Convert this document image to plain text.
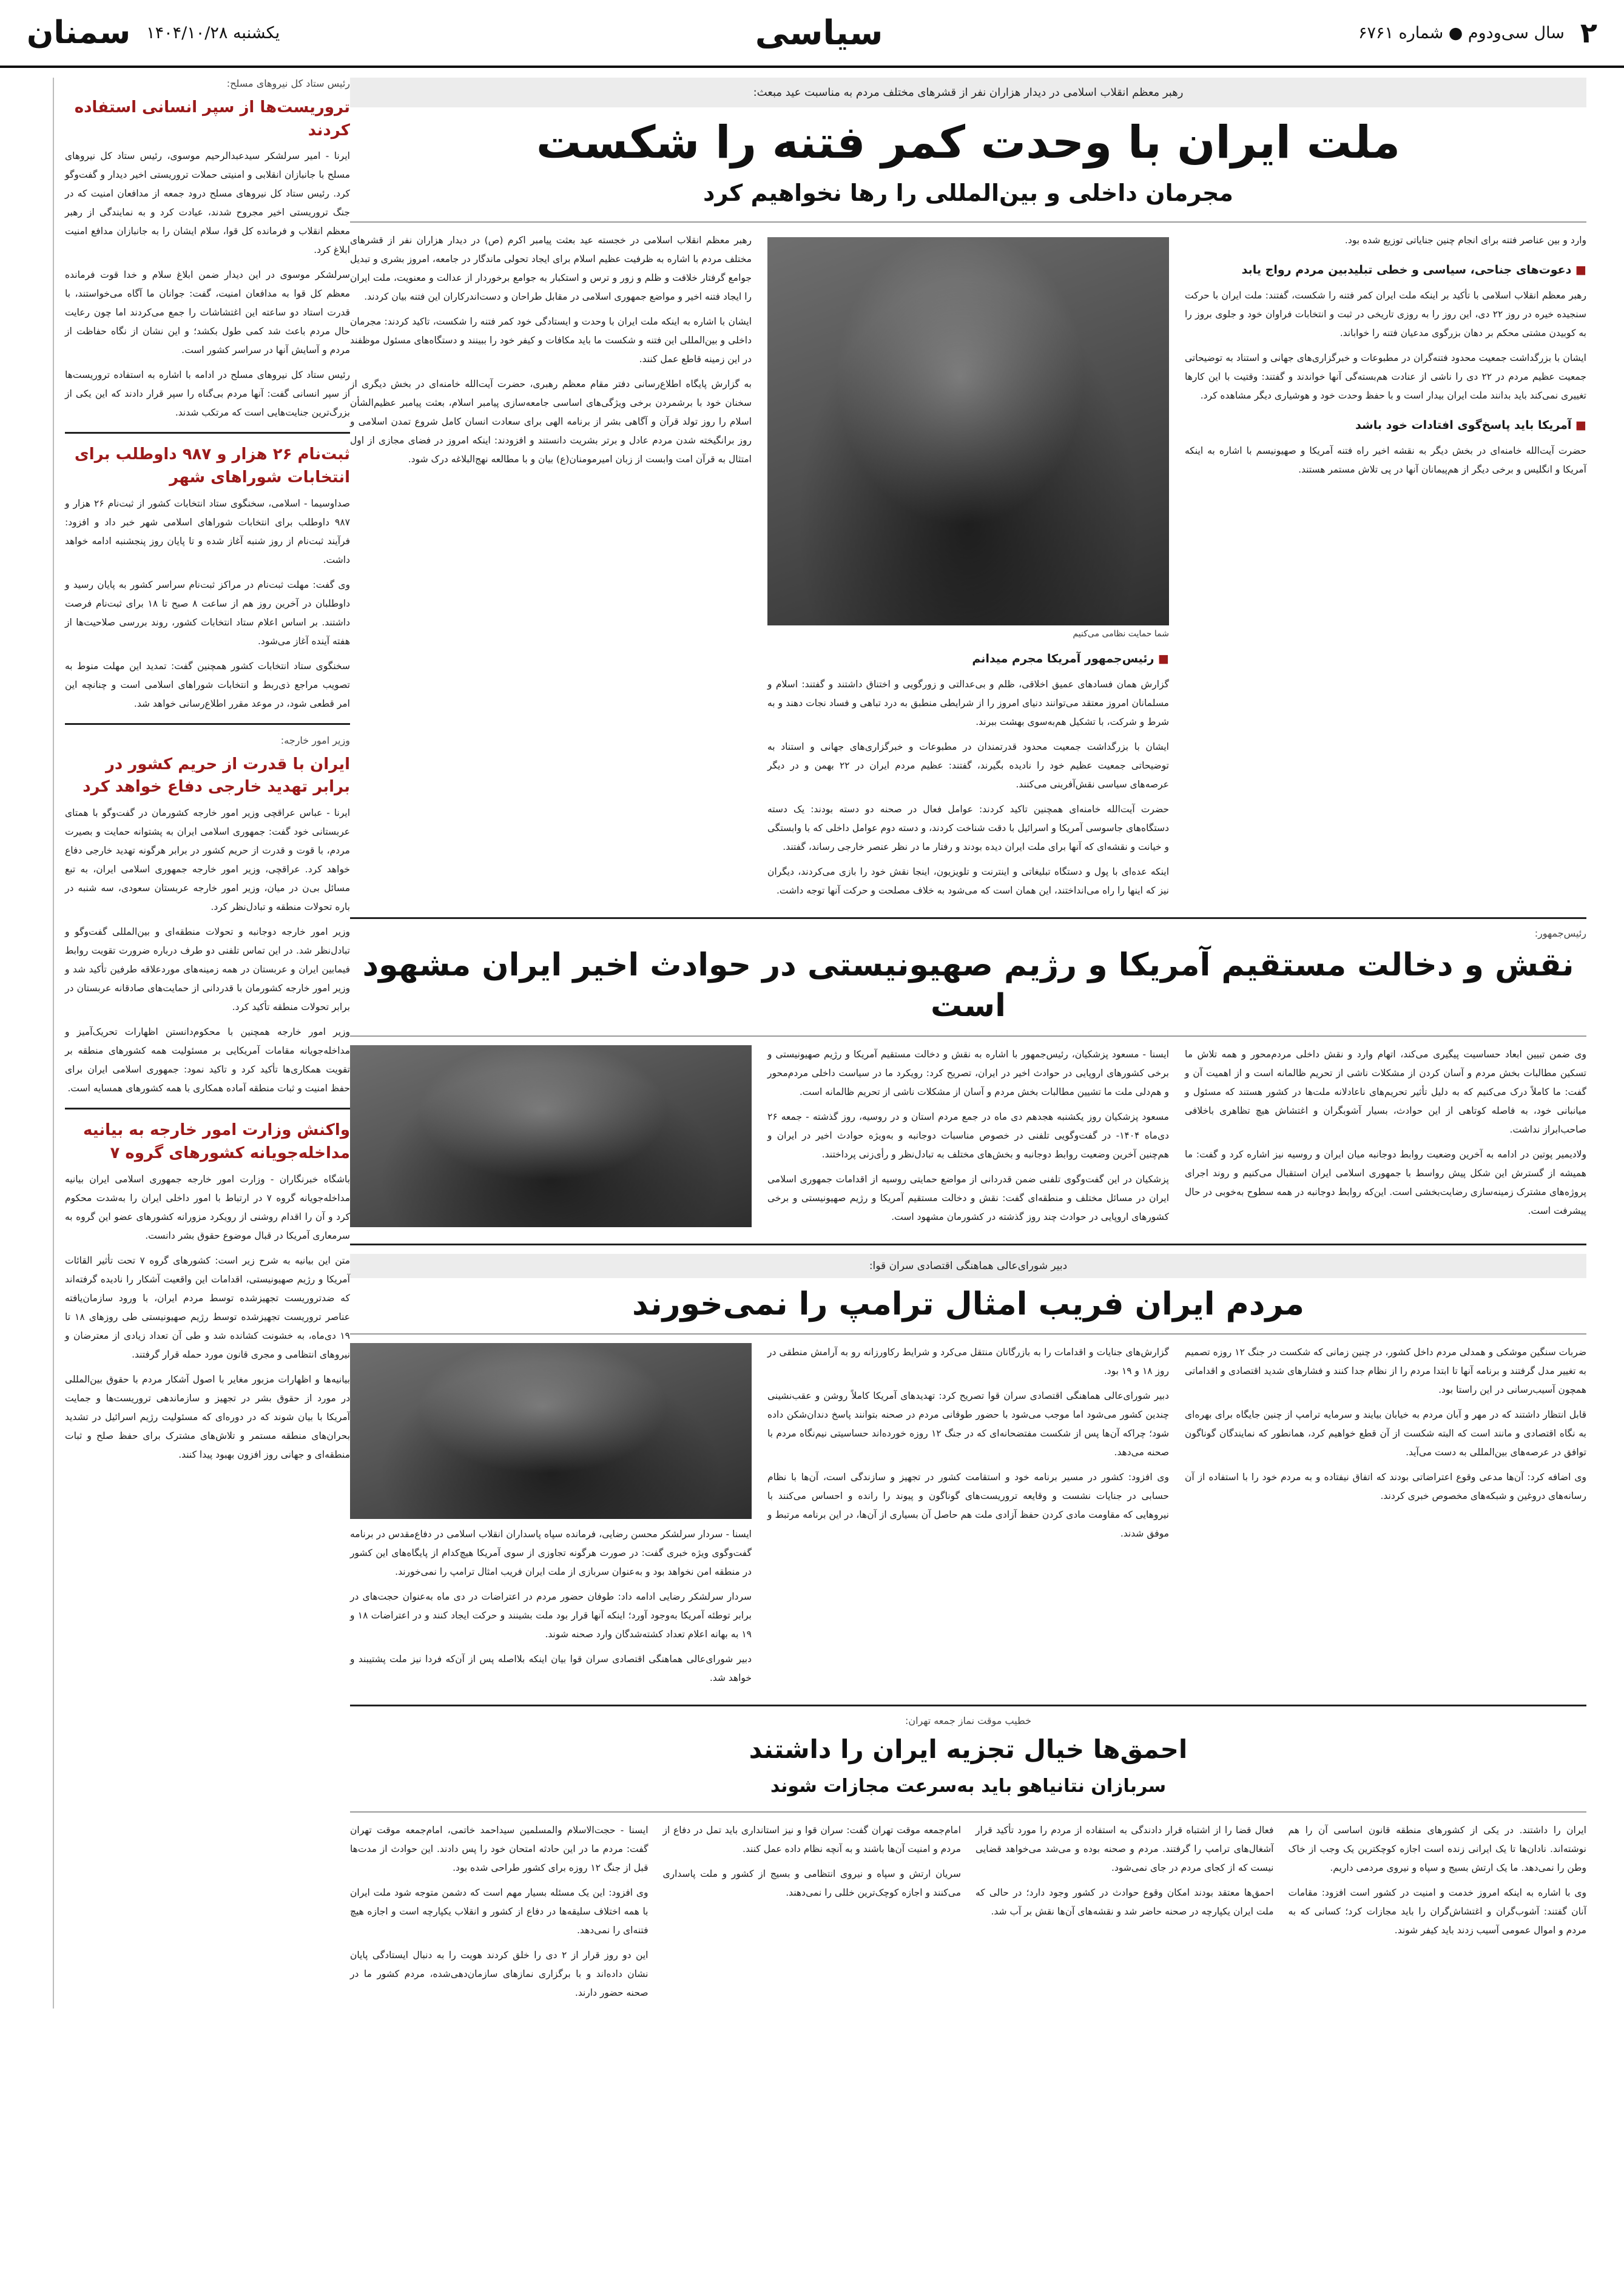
۲
سال سی‌ودوم ● شماره ۶۷۶۱
سیاسی
یکشنبه ۱۴۰۴/۱۰/۲۸
سمنان
رهبر معظم انقلاب اسلامی در دیدار هزاران نفر از قشرهای مختلف مردم به مناسبت عید مبعث:
ملت ایران با وحدت کمر فتنه را شکست
مجرمان داخلی و بین‌المللی را رها نخواهیم کرد

وارد و بین عناصر فتنه برای انجام چنین جنایاتی توزیع شده بود.

■ دعوت‌های جناحی، سیاسی و خطی تبلید‌بین مردم رواج یابد

رهبر معظم انقلاب اسلامی با تأکید بر اینکه ملت ایران کمر فتنه را شکست، گفتند: ملت ایران با حرکت سنجیده خیره در روز ۲۲ دی، این روز را به روزی تاریخی در ثبت و انتخابات فراوان خود و جلوی بروز را به کوبیدن مشتی محکم بر دهان بزرگوی مدعیان فتنه را خواباند.

ایشان با بزرگداشت جمعیت محدود فتنه‌گران در مطبوعات و خبرگزاری‌های جهانی و استناد به توضیحاتی جمعیت عظیم مردم در ۲۲ دی را ناشی از عنادت هم‌بسته‌گی آنها خواندند و گفتند: وقتیت با این کارها تغییری نمی‌کند باید بدانند ملت ایران بیدار است و با حفظ وحدت خود و هوشیاری دیگر مشاهده کرد.

■ آمریکا باید پاسخ‌گوی افتادات خود باشد

حضرت آیت‌الله خامنه‌ای در بخش دیگر به نقشه اخیر راه فتنه آمریکا و صهیونیسم با اشاره به اینکه آمریکا و انگلیس و برخی دیگر از هم‌پیمانان آنها در پی تلاش مستمر هستند.

شما حمایت نظامی می‌کنیم
■ رئیس‌جمهور آمریکا مجرم میدانم

گزارش همان فسادهای عمیق اخلاقی، ظلم و بی‌عدالتی و زورگویی و اختناق داشتند و گفتند: اسلام و مسلمانان امروز معتقد می‌توانند دنیای امروز را از شرایطی منطبق به درد تباهی و فساد نجات دهند و به شرط و شرکت، با تشکیل هم‌به‌سوی بهشت ببرند.

ایشان با بزرگداشت جمعیت محدود قدرتمندان در مطبوعات و خبرگزاری‌های جهانی و استناد به توضیحاتی جمعیت عظیم خود را نادیده بگیرند، گفتند: عظیم مردم ایران در ۲۲ بهمن و در دیگر عرصه‌های سیاسی نقش‌آفرینی می‌کنند.

حضرت آیت‌الله خامنه‌ای همچنین تاکید کردند: عوامل فعال در صحنه دو دسته بودند: یک دسته دستگاه‌های جاسوسی آمریکا و اسرائیل با دقت شناخت کردند، و دسته دوم عوامل داخلی که با وابستگی و خیانت و نقشه‌ای که آنها برای ملت ایران دیده بودند و رفتار ما در نظر عنصر خارجی رساند، گفتند.

اینکه عده‌ای با پول و دستگاه تبلیغاتی و اینترنت و تلویزیون، اینجا نقش خود را بازی می‌کردند، دیگران نیز که اینها را راه می‌انداختند، این همان است که می‌شود به خلاف مصلحت و حرکت آنها توجه داشت.

رهبر معظم انقلاب اسلامی در خجسته عید بعثت پیامبر اکرم (ص) در دیدار هزاران نفر از قشرهای مختلف مردم با اشاره به ظرفیت عظیم اسلام برای ایجاد تحولی ماندگار در جامعه، امروز بشری و تبدیل جوامع گرفتار خلافت و ظلم و زور و ترس و استکبار به جوامع برخوردار از عدالت و معنویت، ملت ایران را ایجاد فتنه اخیر و مواضع جمهوری اسلامی در مقابل طراحان و دست‌اندرکاران این فتنه بیان کردند.

ایشان با اشاره به اینکه ملت ایران با وحدت و ایستادگی خود کمر فتنه را شکست، تاکید کردند: مجرمان داخلی و بین‌المللی این فتنه و شکست ما باید مکافات و کیفر خود را ببینند و دستگاه‌های مسئول موظفند در این زمینه قاطع عمل کنند.

به گزارش پایگاه اطلاع‌رسانی دفتر مقام معظم رهبری، حضرت آیت‌الله خامنه‌ای در بخش دیگری از سخنان خود با برشمردن برخی ویژگی‌های اساسی جامعه‌سازی پیامبر اسلام، بعثت پیامبر عظیم‌الشأن اسلام را روز تولد قرآن و آگاهی بشر از برنامه الهی برای سعادت انسان کامل شروع تمدن اسلامی و روز برانگیخته شدن مردم عادل و برتر بشریت دانستند و افزودند: اینکه امروز در فضای مجازی از اول امتثال به قرآن امت وابست از زبان امیرمومنان(ع) بیان و با مطالعه نهج‌البلاغه درک شود.

رئیس‌جمهور:
نقش و دخالت مستقیم آمریکا و رژیم صهیونیستی در حوادث اخیر ایران مشهود است

وی ضمن تبیین ابعاد حساسیت پیگیری می‌کند، اتهام وارد و نقش داخلی مردم‌محور و همه تلاش ما تسکین مطالبات بخش مردم و آسان کردن از مشکلات ناشی از تحریم ظالمانه است و از اهمیت آن و گفت: ما کاملاً درک می‌کنیم که به دلیل تأثیر تحریم‌های ناعادلانه ملت‌ها در کشور هستند که مسئول و میانبانی خود، به فاصله کوتاهی از این حوادث، بسیار آشوبگران و اغتشاش هیچ تظاهری باخلافی صاحب‌ابراز نداشت.

ولادیمیر پوتین در ادامه به آخرین وضعیت روابط دوجانبه میان ایران و روسیه نیز اشاره کرد و گفت: ما همیشه از گسترش این شکل پیش رواسط با جمهوری اسلامی ایران استقبال می‌کنیم و روند اجرای پروژه‌های مشترک زمینه‌سازی رضایت‌بخشی است. این‌که روابط دوجانبه در همه سطوح به‌خوبی در حال پیشرفت است.

ایسنا - مسعود پزشکیان، رئیس‌جمهور با اشاره به نقش و دخالت مستقیم آمریکا و رژیم صهیونیستی و برخی کشورهای اروپایی در حوادث اخیر در ایران، تصریح کرد: رویکرد ما در سیاست داخلی مردم‌محور و هم‌دلی ملت ما تشیین مطالبات بخش مردم و آسان از مشکلات ناشی از تحریم ظالمانه است.

مسعود پزشکیان روز یکشنبه هجدهم دی ماه در جمع مردم استان و در روسیه، روز گذشته - جمعه ۲۶ دی‌ماه ۱۴۰۴- در گفت‌وگویی تلفنی در خصوص مناسبات دوجانبه و به‌ویژه حوادث اخیر در ایران و هم‌چنین آخرین وضعیت روابط دوجانبه و بخش‌های مختلف به تبادل‌نظر و رأی‌زنی پرداختند.

پزشکیان در این گفت‌وگوی تلفنی ضمن قدردانی از مواضع حمایتی روسیه از اقدامات جمهوری اسلامی ایران در مسائل مختلف و منطقه‌ای گفت: نقش و دخالت مستقیم آمریکا و رژیم صهیونیستی و برخی کشورهای اروپایی در حوادث چند روز گذشته در کشورمان مشهود است.

دبیر شورای‌عالی هماهنگی اقتصادی سران قوا:
مردم ایران فریب امثال ترامپ را نمی‌خورند

ضربات سنگین موشکی و همدلی مردم داخل کشور، در چنین زمانی که شکست در جنگ ۱۲ روزه تصمیم به تغییر مدل گرفتند و برنامه آنها تا ابتدا مردم را از نظام جدا کنند و فشارهای شدید اقتصادی و اقداماتی همچون آسیب‌رسانی در این راستا بود.

قابل انتظار داشتند که در مهر و آبان مردم به خیابان بیایند و سرمایه ترامپ از چنین جایگاه برای بهره‌ای به نگاه اقتصادی و مانند است که البته شکست از آن قطع خواهیم کرد، همانطور که نمایندگان گوناگون توافق در عرصه‌های بین‌المللی به دست می‌آید.

وی اضافه کرد: آن‌ها مدعی وقوع اعتراضاتی بودند که اتفاق نیفتاده و به مردم خود را با استفاده از آن رسانه‌های دروغین و شبکه‌های مخصوص خبری کردند.

گزارش‌های جنایات و اقدامات را به بازرگانان منتقل می‌کرد و شرایط رکاورزانه رو به آرامش منطقی در روز ۱۸ و ۱۹ بود.

دبیر شورای‌عالی هماهنگی اقتصادی سران قوا تصریح کرد: تهدیدهای آمریکا کاملاً روشن و عقب‌نشینی چندین کشور می‌شود اما موجب می‌شود با حضور طوفانی مردم در صحنه بتوانند پاسخ دندان‌شکن داده شود؛ چراکه آن‌ها پس از شکست مفتضحانه‌ای که در جنگ ۱۲ روزه خورده‌اند حساسیتی نیم‌نگاه مردم با صحنه می‌دهد.

وی افزود: کشور در مسیر برنامه خود و استقامت کشور در تجهیز و سازندگی است، آن‌ها با نظام حسابی در جنایات نشست و وقایعه تروریست‌های گوناگون و پیوند را رانده و احساس می‌کنند با نیروهایی که مقاومت مادی کردن حفظ آزادی ملت هم حاصل آن بسیاری از آن‌ها، در این برنامه مرتبط و موفق شدند.

ایسنا - سردار سرلشکر محسن رضایی، فرمانده سپاه پاسداران انقلاب اسلامی در دفاع‌مقدس در برنامه گفت‌وگوی ویژه خبری گفت: در صورت هرگونه تجاوزی از سوی آمریکا هیچ‌کدام از پایگاه‌های این کشور در منطقه امن نخواهد بود و به‌عنوان سربازی از ملت ایران فریب امثال ترامپ را نمی‌خورند.

سردار سرلشکر رضایی ادامه داد: طوفان حضور مردم در اعتراضات در دی ماه به‌عنوان حجت‌های در برابر توطئه آمریکا به‌وجود آورد؛ اینکه آنها قرار بود ملت بشینند و حرکت ایجاد کنند و در اعتراضات ۱۸ و ۱۹ به بهانه اعلام تعداد کشته‌شدگان وارد صحنه شوند.

دبیر شورای‌عالی هماهنگی اقتصادی سران قوا بیان اینکه بلااصله پس از آن‌که فردا نیز ملت پشتیبند و خواهد شد.

خطیب موقت نماز جمعه تهران:
احمق‌ها خیال تجزیه ایران را داشتند
سربازان نتانیاهو باید به‌سرعت مجازات شوند

ایران را داشتند. در یکی از کشورهای منطقه قانون اساسی آن را هم نوشته‌اند. نادان‌ها تا یک ایرانی زنده است اجازه کوچکترین یک وجب از خاک وطن را نمی‌دهد. ما یک ارتش بسیج و سپاه و نیروی مردمی داریم.

وی با اشاره به اینکه امروز خدمت و امنیت در کشور است افزود: مقامات آنان گفتند: آشوب‌گران و اغتشاش‌گران را باید مجازات کرد؛ کسانی که به مردم و اموال عمومی آسیب زدند باید کیفر شوند.

فعال قضا را از اشتباه قرار دادندگی به استفاده از مردم را مورد تأکید قرار آشغال‌های ترامپ را گرفتند. مردم و صحنه بوده و می‌شد می‌خواهد قضایی نیست که از کجای مردم در جای نمی‌شود.

احمق‌ها معتقد بودند امکان وقوع حوادث در کشور وجود دارد؛ در حالی که ملت ایران یکپارچه در صحنه حاضر شد و نقشه‌های آن‌ها نقش بر آب شد.

امام‌جمعه موقت تهران گفت: سران قوا و نیز استانداری باید تمل در دفاع از مردم و امنیت آن‌ها باشند و به آنچه نظام داده عمل کنند.

سریان ارتش و سپاه و نیروی انتظامی و بسیج از کشور و ملت پاسداری می‌کنند و اجازه کوچک‌ترین خللی را نمی‌دهند.

ایسنا - حجت‌الاسلام والمسلمین سیداحمد خاتمی، امام‌جمعه موقت تهران گفت: مردم ما در این حادثه امتحان خود را پس دادند. این حوادث از مدت‌ها قبل از جنگ ۱۲ روزه برای کشور طراحی شده بود.

وی افزود: این یک مسئله بسیار مهم است که دشمن متوجه شود ملت ایران با همه اختلاف سلیقه‌ها در دفاع از کشور و انقلاب یکپارچه است و اجازه هیچ فتنه‌ای را نمی‌دهد.

این دو روز قرار از ۲ دی را خلق کردند هویت را به دنبال ایستادگی پایان نشان داده‌اند و با برگزاری نمازهای سازمان‌دهی‌شده، مردم کشور ما در صحنه حضور دارند.

رئیس ستاد کل نیروهای مسلح:
تروریست‌ها از سپر انسانی استفاده کردند

ایرنا - امیر سرلشکر سیدعبدالرحیم موسوی، رئیس ستاد کل نیروهای مسلح با جانبازان انقلابی و امنیتی حملات تروریستی اخیر دیدار و گفت‌وگو کرد. رئیس ستاد کل نیروهای مسلح درود جمعه از مدافعان امنیت که در جنگ تروریستی اخیر مجروح شدند، عیادت کرد و به نمایندگی از رهبر معظم انقلاب و فرمانده کل قوا، سلام ایشان را به جانبازان مدافع امنیت ابلاغ کرد.

سرلشکر موسوی در این دیدار ضمن ابلاغ سلام و خدا قوت فرمانده معظم کل قوا به مدافعان امنیت، گفت: جوانان ما آگاه می‌خواستند، با قدرت استاد دو ساعته این اغتشاشات را جمع می‌کردند اما چون رعایت حال مردم باعث شد کمی طول بکشد؛ و این نشان از نگاه حفاظت از مردم و آسایش آنها در سراسر کشور است.

رئیس ستاد کل نیروهای مسلح در ادامه با اشاره به استفاده تروریست‌ها از سپر انسانی گفت: آنها مردم بی‌گناه را سپر قرار دادند که این یکی از بزرگ‌ترین جنایت‌هایی است که مرتکب شدند.

ثبت‌نام ۲۶ هزار و ۹۸۷ داوطلب برای انتخابات شوراهای شهر

صداوسیما - اسلامی، سخنگوی ستاد انتخابات کشور از ثبت‌نام ۲۶ هزار و ۹۸۷ داوطلب برای انتخابات شوراهای اسلامی شهر خبر داد و افزود: فرآیند ثبت‌نام از روز شنبه آغاز شده و تا پایان روز پنجشنبه ادامه خواهد داشت.

وی گفت: مهلت ثبت‌نام در مراکز ثبت‌نام سراسر کشور به پایان رسید و داوطلبان در آخرین روز هم از ساعت ۸ صبح تا ۱۸ برای ثبت‌نام فرصت داشتند. بر اساس اعلام ستاد انتخابات کشور، روند بررسی صلاحیت‌ها از هفته آینده آغاز می‌شود.

سخنگوی ستاد انتخابات کشور همچنین گفت: تمدید این مهلت منوط به تصویب مراجع ذی‌ربط و انتخابات شوراهای اسلامی است و چنانچه این امر قطعی شود، در موعد مقرر اطلاع‌رسانی خواهد شد.

وزیر امور خارجه:
ایران با قدرت از حریم کشور در برابر تهدید خارجی دفاع خواهد کرد

ایرنا - عباس عراقچی وزیر امور خارجه کشورمان در گفت‌وگو با همتای عربستانی خود گفت: جمهوری اسلامی ایران به پشتوانه حمایت و بصیرت مردم، با قوت و قدرت از حریم کشور در برابر هرگونه تهدید خارجی دفاع خواهد کرد. عراقچی، وزیر امور خارجه جمهوری اسلامی ایران، به تبع مسائل بی‌ن در میان، وزیر امور خارجه عربستان سعودی، سه شنبه در باره تحولات منطقه و تبادل‌نظر کرد.

وزیر امور خارجه دوجانبه و تحولات منطقه‌ای و بین‌المللی گفت‌وگو و تبادل‌نظر شد. در این تماس تلفنی دو طرف درباره ضرورت تقویت روابط فیمابین ایران و عربستان در همه زمینه‌های موردعلاقه طرفین تأکید شد و وزیر امور خارجه کشورمان با قدردانی از حمایت‌های صادقانه عربستان در برابر تحولات منطقه تأکید کرد.

وزیر امور خارجه همچنین با محکوم‌دانستن اظهارات تحریک‌آمیز و مداخله‌جویانه مقامات آمریکایی بر مسئولیت همه کشورهای منطقه بر تقویت همکاری‌ها تأکید کرد و تاکید نمود: جمهوری اسلامی ایران برای حفظ امنیت و ثبات منطقه آماده همکاری با همه کشورهای همسایه است.

واکنش وزارت امور خارجه به بیانیه مداخله‌جویانه کشورهای گروه ۷

باشگاه خبرنگاران - وزارت امور خارجه جمهوری اسلامی ایران بیانیه مداخله‌جویانه گروه ۷ در ارتباط با امور داخلی ایران را به‌شدت محکوم کرد و آن را اقدام روشنی از رویکرد مزورانه کشورهای عضو این گروه به سرمعاری آمریکا در قبال موضوع حقوق بشر دانست.

متن این بیانیه به شرح زیر است: کشورهای گروه ۷ تحت تأثیر القائات آمریکا و رژیم صهیونیستی، اقدامات این واقعیت آشکار را نادیده گرفته‌اند که ضد‌تروریست تجهیزشده توسط مردم ایران، با ورود سازمان‌یافته عناصر تروریست تجهیزشده توسط رژیم صهیونیستی طی روزهای ۱۸ تا ۱۹ دی‌ماه، به خشونت کشانده شد و طی آن تعداد زیادی از معترضان و نیروهای انتظامی و مجری قانون مورد حمله قرار گرفتند.

بیانیه‌ها و اظهارات مزبور مغایر با اصول آشکار مردم با حقوق بین‌المللی در مورد از حقوق بشر در تجهیز و سازماندهی تروریست‌ها و جمایت آمریکا با بیان شوند که در دوره‌ای که مسئولیت رژیم اسرائیل در تشدید بحران‌های منطقه مستمر و تلاش‌های مشترک برای حفظ صلح و ثبات منطقه‌ای و جهانی روز افزون بهبود پیدا کنند.
